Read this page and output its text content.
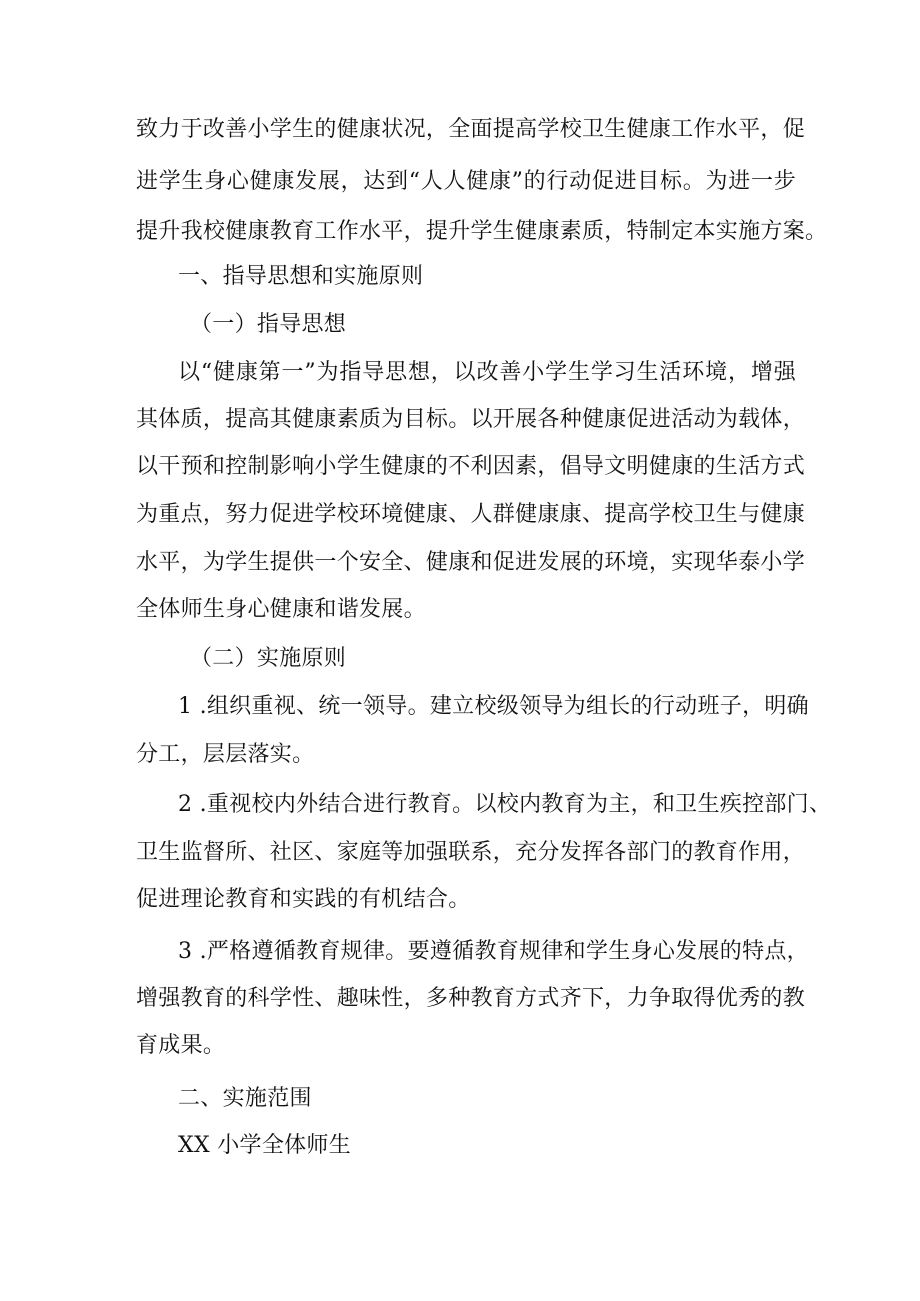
致力于改善小学生的健康状况，全面提高学校卫生健康工作水平，促
进学生身心健康发展，达到“人人健康”的行动促进目标。为进一步
提升我校健康教育工作水平，提升学生健康素质，特制定本实施方案。
一、指导思想和实施原则
（一）指导思想
以“健康第一”为指导思想，以改善小学生学习生活环境，增强
其体质，提高其健康素质为目标。以开展各种健康促进活动为载体，
以干预和控制影响小学生健康的不利因素，倡导文明健康的生活方式
为重点，努力促进学校环境健康、人群健康康、提高学校卫生与健康
水平，为学生提供一个安全、健康和促进发展的环境，实现华泰小学
全体师生身心健康和谐发展。
（二）实施原则
1 .组织重视、统一领导。建立校级领导为组长的行动班子，明确
分工，层层落实。
2 .重视校内外结合进行教育。以校内教育为主，和卫生疾控部门、
卫生监督所、社区、家庭等加强联系，充分发挥各部门的教育作用，
促进理论教育和实践的有机结合。
3 .严格遵循教育规律。要遵循教育规律和学生身心发展的特点，
增强教育的科学性、趣味性，多种教育方式齐下，力争取得优秀的教
育成果。
二、实施范围
XX 小学全体师生
